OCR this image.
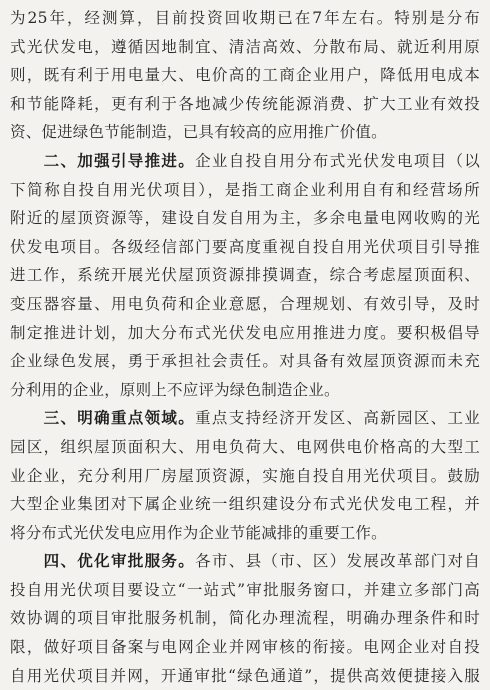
为25年，经测算，目前投资回收期已在7年左右。特别是分布
式光伏发电，遵循因地制宜、清洁高效、分散布局、就近利用原
则，既有利于用电量大、电价高的工商企业用户，降低用电成本
和节能降耗，更有利于各地减少传统能源消费、扩大工业有效投
资、促进绿色节能制造，已具有较高的应用推广价值。
　　二、加强引导推进。企业自投自用分布式光伏发电项目（以
下简称自投自用光伏项目），是指工商企业利用自有和经营场所
附近的屋顶资源等，建设自发自用为主，多余电量电网收购的光
伏发电项目。各级经信部门要高度重视自投自用光伏项目引导推
进工作，系统开展光伏屋顶资源排摸调查，综合考虑屋顶面积、
变压器容量、用电负荷和企业意愿，合理规划、有效引导，及时
制定推进计划，加大分布式光伏发电应用推进力度。要积极倡导
企业绿色发展，勇于承担社会责任。对具备有效屋顶资源而未充
分利用的企业，原则上不应评为绿色制造企业。
　　三、明确重点领域。重点支持经济开发区、高新园区、工业
园区，组织屋顶面积大、用电负荷大、电网供电价格高的大型工
业企业，充分利用厂房屋顶资源，实施自投自用光伏项目。鼓励
大型企业集团对下属企业统一组织建设分布式光伏发电工程，并
将分布式光伏发电应用作为企业节能减排的重要工作。
　　四、优化审批服务。各市、县（市、区）发展改革部门对自
投自用光伏项目要设立“一站式”审批服务窗口，并建立多部门高
效协调的项目审批服务机制，简化办理流程，明确办理条件和时
限，做好项目备案与电网企业并网审核的衔接。电网企业对自投
自用光伏项目并网，开通审批“绿色通道”，提供高效便捷接入服
